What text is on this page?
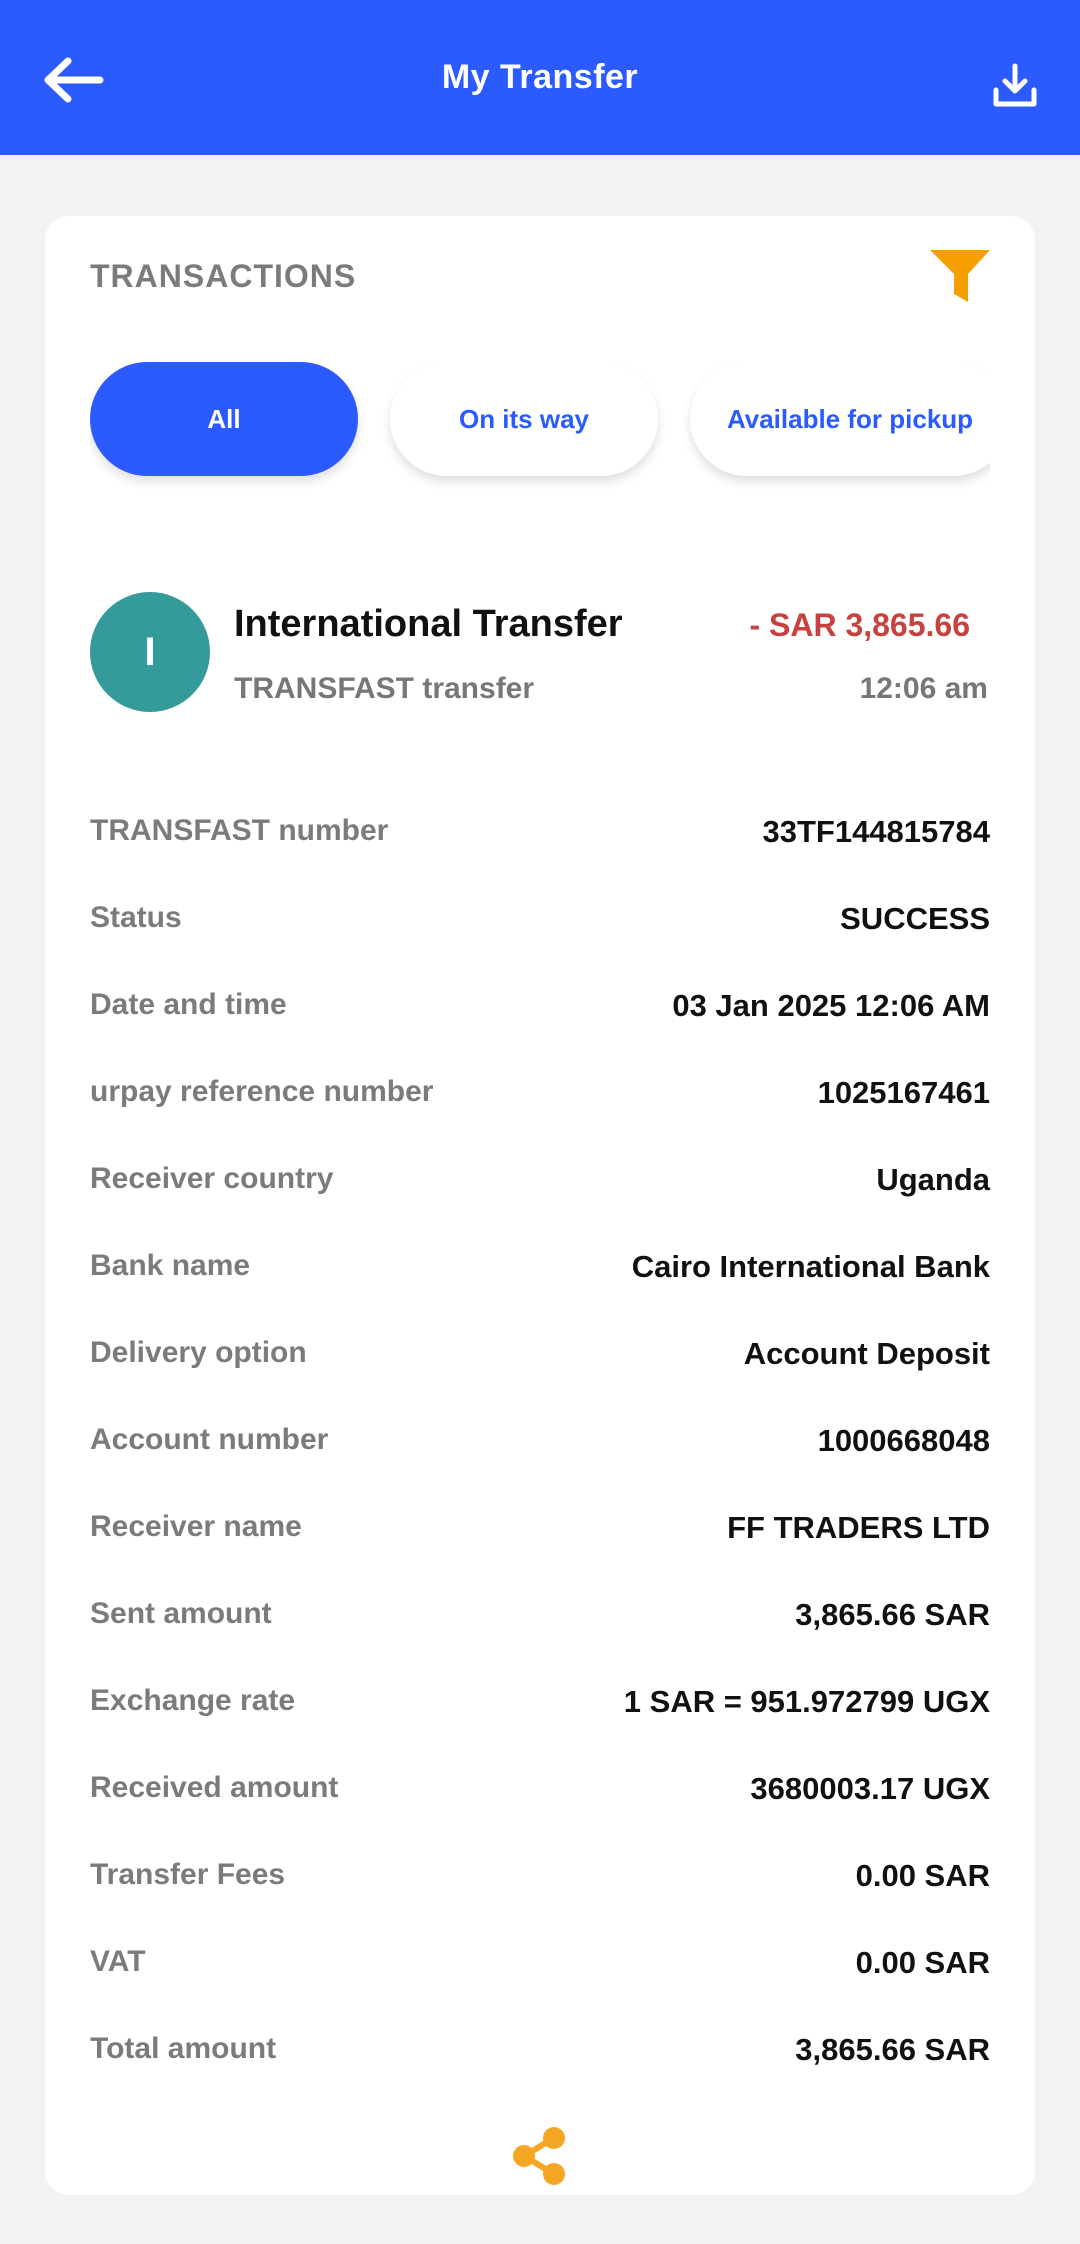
My Transfer
TRANSACTIONS
All	On its way	Available for pickup
I
International Transfer
TRANSFAST transfer
- SAR 3,865.66
12:06 am
TRANSFAST number	33TF144815784
Status	SUCCESS
Date and time	03 Jan 2025 12:06 AM
urpay reference number	1025167461
Receiver country	Uganda
Bank name	Cairo International Bank
Delivery option	Account Deposit
Account number	1000668048
Receiver name	FF TRADERS LTD
Sent amount	3,865.66 SAR
Exchange rate	1 SAR = 951.972799 UGX
Received amount	3680003.17 UGX
Transfer Fees	0.00 SAR
VAT	0.00 SAR
Total amount	3,865.66 SAR
